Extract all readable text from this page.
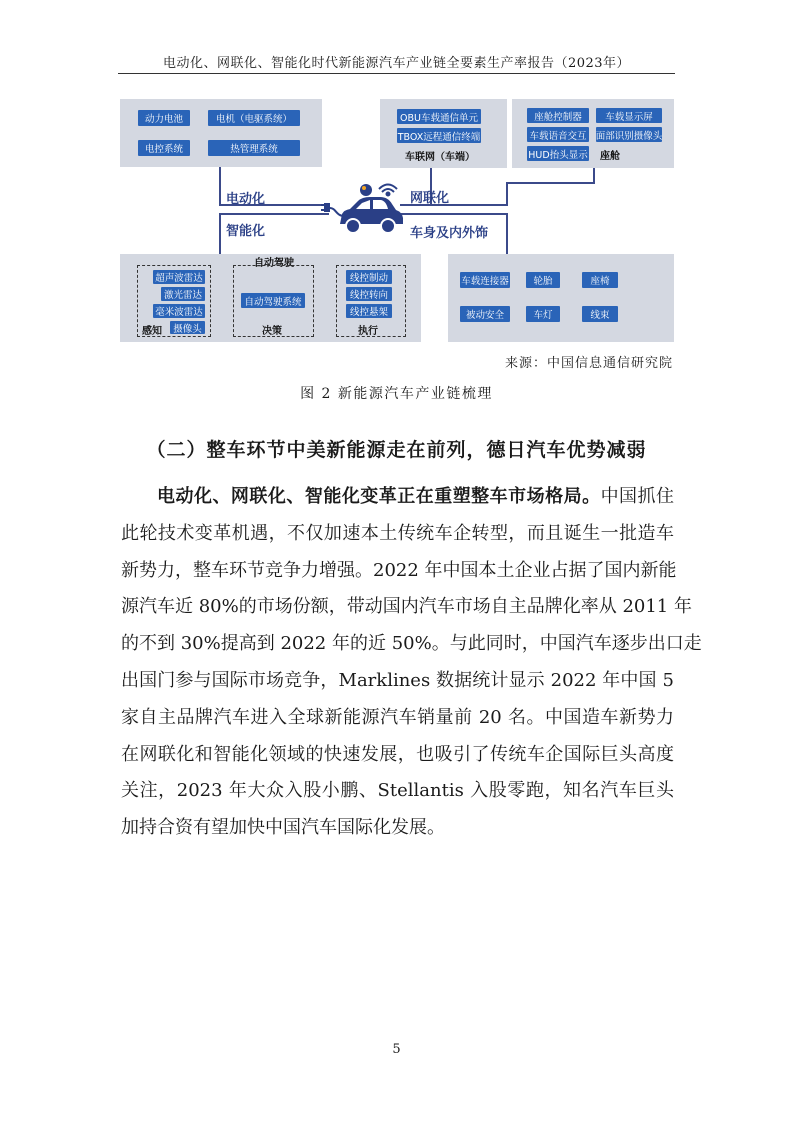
电动化、网联化、智能化时代新能源汽车产业链全要素生产率报告（2023年）
动力电池	电机（电驱系统）
电控系统	热管理系统
OBU车载通信单元
TBOX远程通信终端
车联网（车端）
座舱控制器	车载显示屏
车载语音交互 面部识别摄像头
HUD抬头显示 座舱
电动化	网联化
智能化	车身及内外饰
自动驾驶
超声波雷达
激光雷达
毫米波雷达
摄像头
感知
自动驾驶系统
决策
线控制动
线控转向
线控悬架
执行
车载连接器	轮胎	座椅
被动安全	车灯	线束
来源：中国信息通信研究院
图 2 新能源汽车产业链梳理
（二）整车环节中美新能源走在前列，德日汽车优势减弱
电动化、网联化、智能化变革正在重塑整车市场格局。中国抓住
此轮技术变革机遇，不仅加速本土传统车企转型，而且诞生一批造车
新势力，整车环节竞争力增强。2022 年中国本土企业占据了国内新能
源汽车近 80%的市场份额，带动国内汽车市场自主品牌化率从 2011 年
的不到 30%提高到 2022 年的近 50%。与此同时，中国汽车逐步出口走
出国门参与国际市场竞争，Marklines 数据统计显示 2022 年中国 5
家自主品牌汽车进入全球新能源汽车销量前 20 名。中国造车新势力
在网联化和智能化领域的快速发展，也吸引了传统车企国际巨头高度
关注，2023 年大众入股小鹏、Stellantis 入股零跑，知名汽车巨头
加持合资有望加快中国汽车国际化发展。
5
